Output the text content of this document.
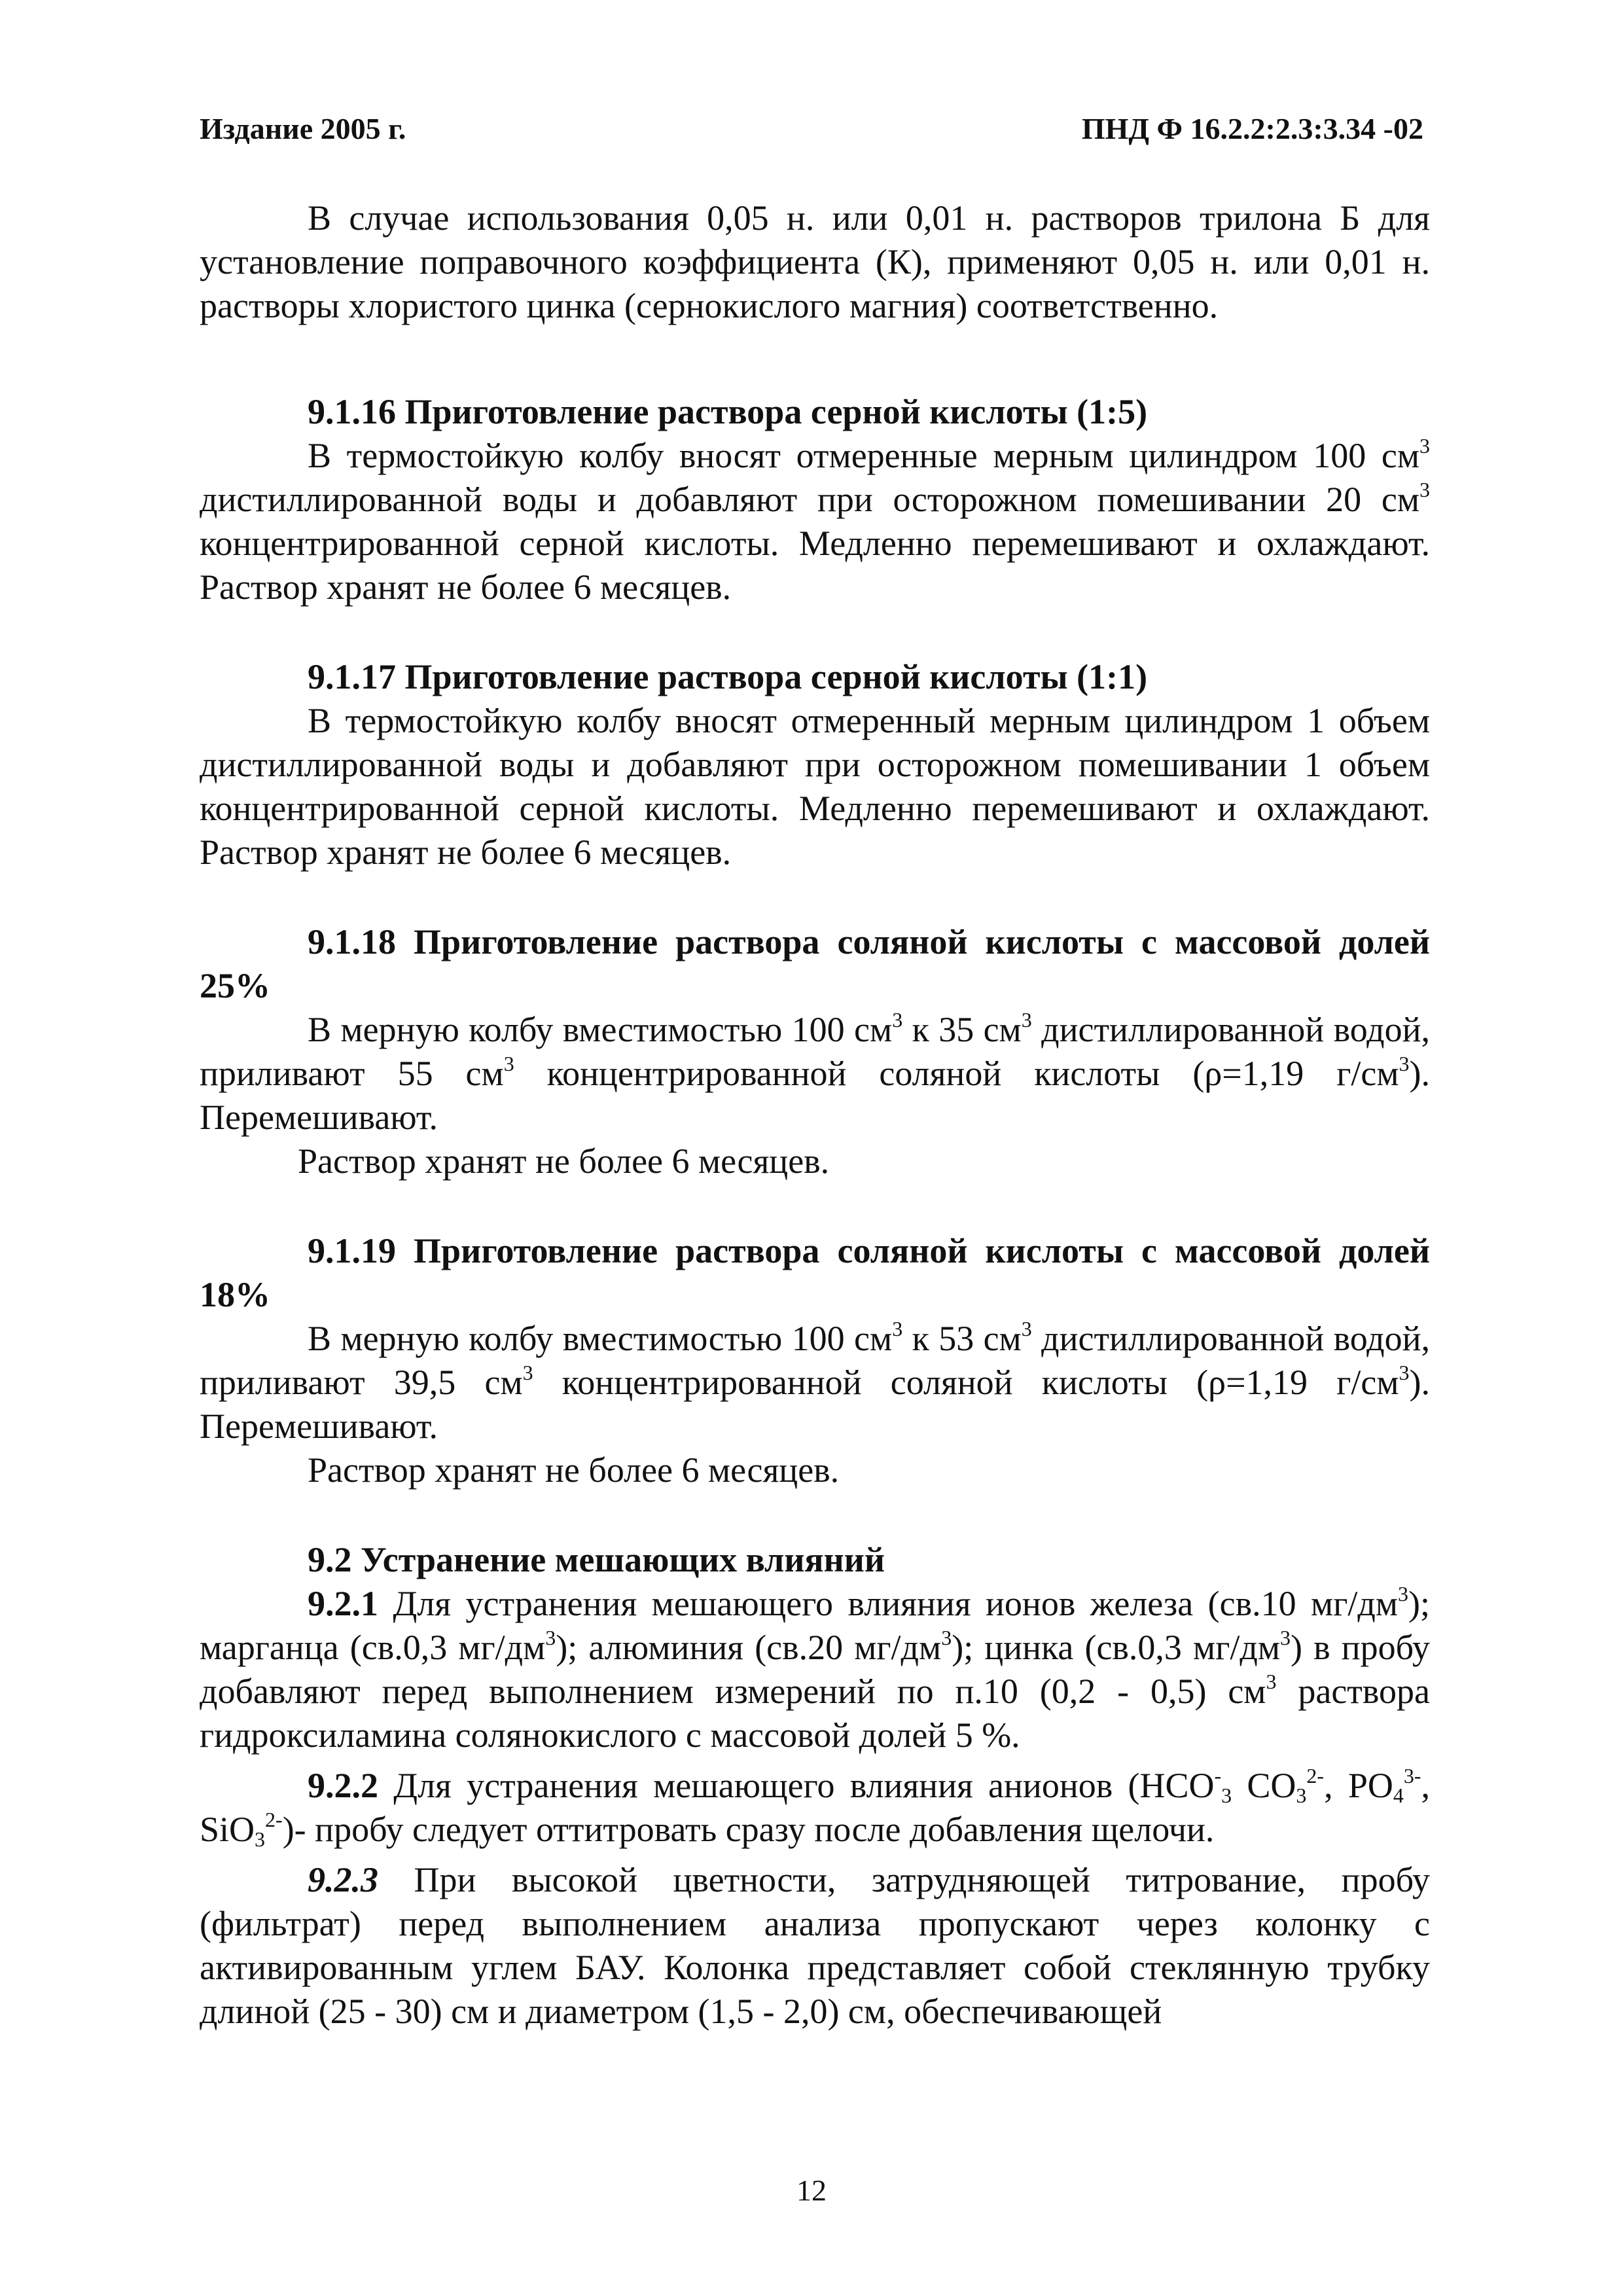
Издание 2005 г.	ПНД Ф 16.2.2:2.3:3.34 -02

В случае использования 0,05 н. или 0,01 н. растворов трилона Б для установление поправочного коэффициента (К), применяют 0,05 н. или 0,01 н. растворы хлористого цинка (сернокислого магния) соответственно.

9.1.16 Приготовление раствора серной кислоты (1:5)

В термостойкую колбу вносят отмеренные мерным цилиндром 100 $см^3$ дистиллированной воды и добавляют при осторожном помешивании 20 $см^3$ концентрированной серной кислоты. Медленно перемешивают и охлаждают. Раствор хранят не более 6 месяцев.

9.1.17 Приготовление раствора серной кислоты (1:1)

В термостойкую колбу вносят отмеренный мерным цилиндром 1 объем дистиллированной воды и добавляют при осторожном помешивании 1 объем концентрированной серной кислоты. Медленно перемешивают и охлаждают. Раствор хранят не более 6 месяцев.

9.1.18 Приготовление раствора соляной кислоты с массовой долей 25%

В мерную колбу вместимостью 100 $см^3$ к 35 $см^3$ дистиллированной водой, приливают 55 $см^3$ концентрированной соляной кислоты (ρ=1,19 $г/см^3$). Перемешивают.

Раствор хранят не более 6 месяцев.

9.1.19 Приготовление раствора соляной кислоты с массовой долей 18%

В мерную колбу вместимостью 100 $см^3$ к 53 $см^3$ дистиллированной водой, приливают 39,5 $см^3$ концентрированной соляной кислоты (ρ=1,19 $г/см^3$). Перемешивают.

Раствор хранят не более 6 месяцев.

9.2 Устранение мешающих влияний

9.2.1 Для устранения мешающего влияния ионов железа (св.10 $мг/дм^3$); марганца (св.0,3 $мг/дм^3$); алюминия (св.20 $мг/дм^3$); цинка (св.0,3 $мг/дм^3$) в пробу добавляют перед выполнением измерений по п.10 (0,2 - 0,5) $см^3$ раствора гидроксиламина солянокислого с массовой долей 5 %.

9.2.2 Для устранения мешающего влияния анионов ($HCO^-_3$ $CO_3^{2-}$, $PO_4^{3-}$, SiO$_3^{2-}$)- пробу следует оттитровать сразу после добавления щелочи.

9.2.3 При высокой цветности, затрудняющей титрование, пробу (фильтрат) перед выполнением анализа пропускают через колонку с активированным углем БАУ. Колонка представляет собой стеклянную трубку длиной (25 - 30) см и диаметром (1,5 - 2,0) см, обеспечивающей

12
